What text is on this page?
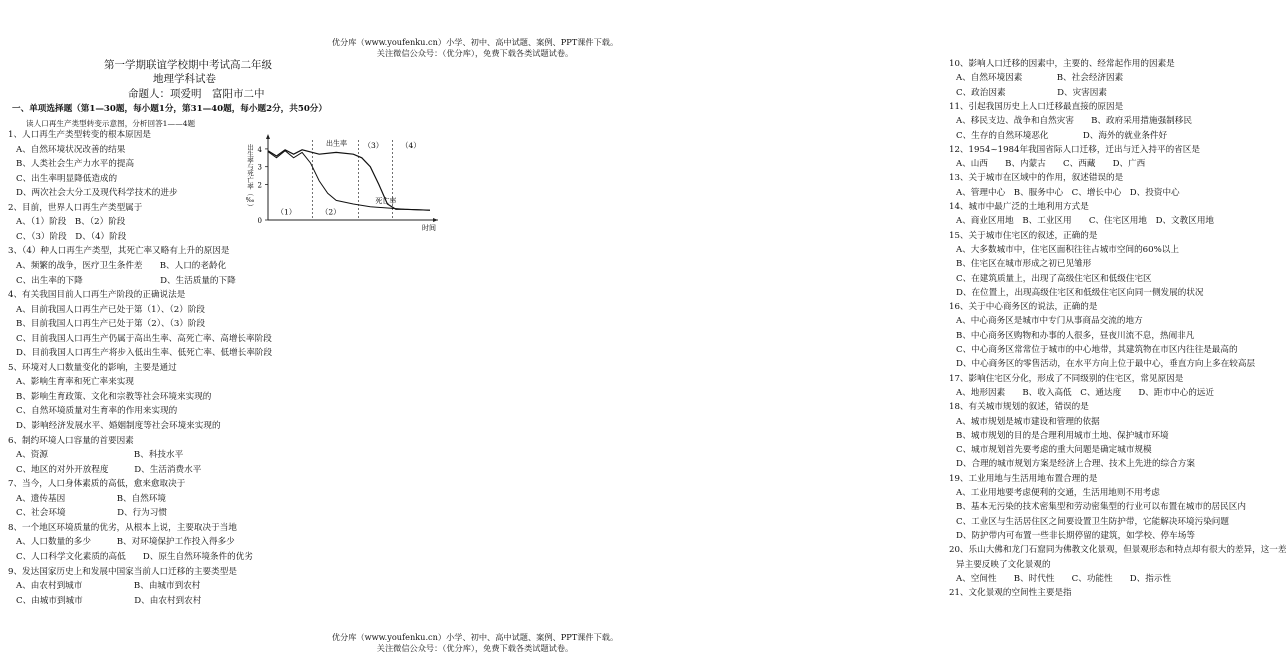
优分库（www.youfenku.cn）小学、初中、高中试题、案例、PPT课件下载。
关注微信公众号：（优分库），免费下载各类试题试卷。
第一学期联谊学校期中考试高二年级
地理学科试卷
命题人：项爱明　富阳市二中
一、单项选择题（第1—30题，每小题1分，第31—40题，每小题2分，共50分）
读人口再生产类型转变示意图，分析回答1——4题
1、人口再生产类型转变的根本原因是
A、自然环境状况改善的结果
B、人类社会生产力水平的提高
C、出生率明显降低造成的
D、两次社会大分工及现代科学技术的进步
2、目前，世界人口再生产类型属于
A、（1）阶段　B、（2）阶段
C、（3）阶段　D、（4）阶段
3、（4）种人口再生产类型，其死亡率又略有上升的原因是
A、频繁的战争，医疗卫生条件差　　B、人口的老龄化
C、出生率的下降　　　　　　　　　D、生活质量的下降
4、有关我国目前人口再生产阶段的正确说法是
A、目前我国人口再生产已处于第（1）、（2）阶段
B、目前我国人口再生产已处于第（2）、（3）阶段
C、目前我国人口再生产仍属于高出生率、高死亡率、高增长率阶段
D、目前我国人口再生产将步入低出生率、低死亡率、低增长率阶段
5、环境对人口数量变化的影响，主要是通过
A、影响生育率和死亡率来实现
B、影响生育政策、文化和宗教等社会环境来实现的
C、自然环境质量对生育率的作用来实现的
D、影响经济发展水平、婚姻制度等社会环境来实现的
6、制约环境人口容量的首要因素
A、资源　　　　　　　　　　B、科技水平
C、地区的对外开放程度　　　D、生活消费水平
7、当今，人口身体素质的高低，愈来愈取决于
A、遗传基因　　　　　　B、自然环境
C、社会环境　　　　　　D、行为习惯
8、一个地区环境质量的优劣，从根本上说，主要取决于当地
A、人口数量的多少　　　B、对环境保护工作投入得多少
C、人口科学文化素质的高低　　D、原生自然环境条件的优劣
9、发达国家历史上和发展中国家当前人口迁移的主要类型是
A、由农村到城市　　　　　　B、由城市到农村
C、由城市到城市　　　　　　D、由农村到农村
0
2
3
4
出生率
死亡率
（1）	（2）
（3） （4）
时间
出生率与死亡率（‰）
10、影响人口迁移的因素中，主要的、经常起作用的因素是
A、自然环境因素　　　　B、社会经济因素
C、政治因素　　　　　　D、灾害因素
11、引起我国历史上人口迁移最直接的原因是
A、移民支边、战争和自然灾害　　B、政府采用措施强制移民
C、生存的自然环境恶化　　　　D、海外的就业条件好
12、1954~1984年我国省际人口迁移，迁出与迁入持平的省区是
A、山西　　B、内蒙古　　C、西藏　　D、广西
13、关于城市在区域中的作用，叙述错误的是
A、管理中心　B、服务中心　C、增长中心　D、投资中心
14、城市中最广泛的土地利用方式是
A、商业区用地　B、工业区用　　C、住宅区用地　D、文教区用地
15、关于城市住宅区的叙述，正确的是
A、大多数城市中，住宅区面积往往占城市空间的60%以上
B、住宅区在城市形成之初已见雏形
C、在建筑质量上，出现了高级住宅区和低级住宅区
D、在位置上，出现高级住宅区和低级住宅区向同一侧发展的状况
16、关于中心商务区的说法，正确的是
A、中心商务区是城市中专门从事商品交流的地方
B、中心商务区购物和办事的人很多，昼夜川流不息，热闹非凡
C、中心商务区常常位于城市的中心地带，其建筑物在市区内往往是最高的
D、中心商务区的零售活动，在水平方向上位于最中心，垂直方向上多在较高层
17、影响住宅区分化，形成了不同级别的住宅区，常见原因是
A、地形因素　　B、收入高低　C、通达度　　D、距市中心的远近
18、有关城市规划的叙述，错误的是
A、城市规划是城市建设和管理的依据
B、城市规划的目的是合理利用城市土地、保护城市环境
C、城市规划首先要考虑的重大问题是确定城市规模
D、合理的城市规划方案是经济上合理、技术上先进的综合方案
19、工业用地与生活用地布置合理的是
A、工业用地要考虑便利的交通，生活用地则不用考虑
B、基本无污染的技术密集型和劳动密集型的行业可以布置在城市的居民区内
C、工业区与生活居住区之间要设置卫生防护带，它能解决环境污染问题
D、防护带内可布置一些非长期停留的建筑，如学校、停车场等
20、乐山大佛和龙门石窟同为佛教文化景观，但景观形态和特点却有很大的差异，这一差
异主要反映了文化景观的
A、空间性　　B、时代性　　C、功能性　　D、指示性
21、文化景观的空间性主要是指
优分库（www.youfenku.cn）小学、初中、高中试题、案例、PPT课件下载。
关注微信公众号：（优分库），免费下载各类试题试卷。
